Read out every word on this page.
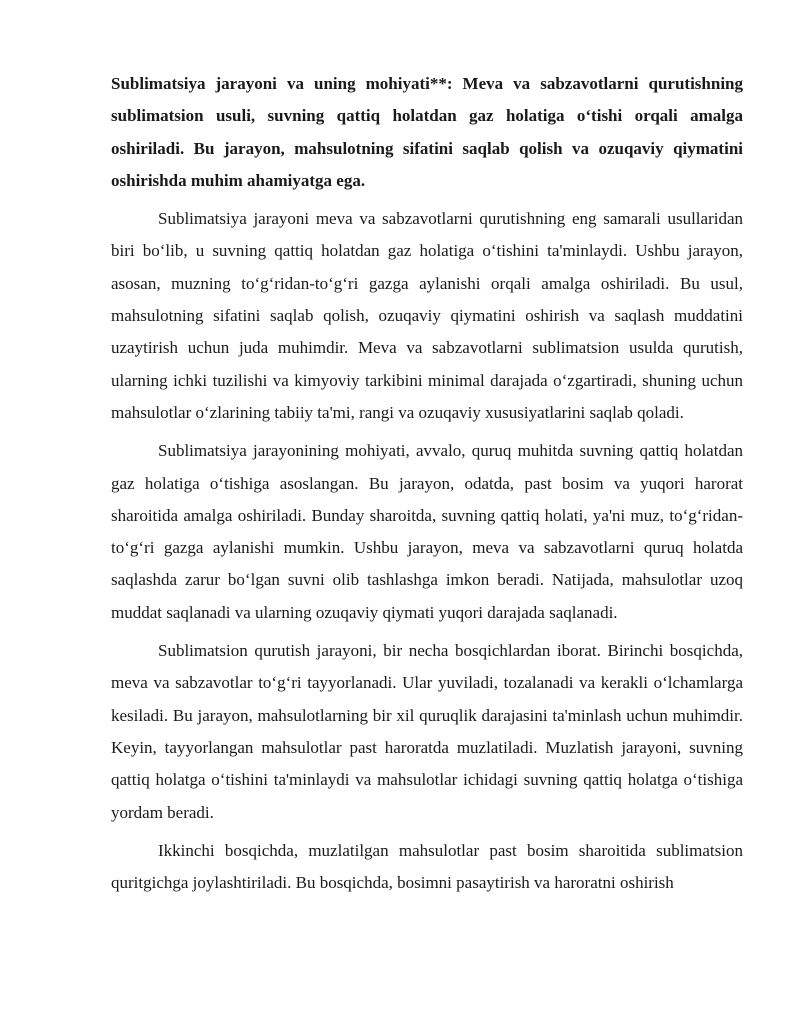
Sublimatsiya jarayoni va uning mohiyati**: Meva va sabzavotlarni qurutishning sublimatsion usuli, suvning qattiq holatdan gaz holatiga o‘tishi orqali amalga oshiriladi. Bu jarayon, mahsulotning sifatini saqlab qolish va ozuqaviy qiymatini oshirishda muhim ahamiyatga ega.

Sublimatsiya jarayoni meva va sabzavotlarni qurutishning eng samarali usullaridan biri bo‘lib, u suvning qattiq holatdan gaz holatiga o‘tishini ta'minlaydi. Ushbu jarayon, asosan, muzning to‘g‘ridan-to‘g‘ri gazga aylanishi orqali amalga oshiriladi. Bu usul, mahsulotning sifatini saqlab qolish, ozuqaviy qiymatini oshirish va saqlash muddatini uzaytirish uchun juda muhimdir. Meva va sabzavotlarni sublimatsion usulda qurutish, ularning ichki tuzilishi va kimyoviy tarkibini minimal darajada o‘zgartiradi, shuning uchun mahsulotlar o‘zlarining tabiiy ta'mi, rangi va ozuqaviy xususiyatlarini saqlab qoladi.

Sublimatsiya jarayonining mohiyati, avvalo, quruq muhitda suvning qattiq holatdan gaz holatiga o‘tishiga asoslangan. Bu jarayon, odatda, past bosim va yuqori harorat sharoitida amalga oshiriladi. Bunday sharoitda, suvning qattiq holati, ya'ni muz, to‘g‘ridan-to‘g‘ri gazga aylanishi mumkin. Ushbu jarayon, meva va sabzavotlarni quruq holatda saqlashda zarur bo‘lgan suvni olib tashlashga imkon beradi. Natijada, mahsulotlar uzoq muddat saqlanadi va ularning ozuqaviy qiymati yuqori darajada saqlanadi.

Sublimatsion qurutish jarayoni, bir necha bosqichlardan iborat. Birinchi bosqichda, meva va sabzavotlar to‘g‘ri tayyorlanadi. Ular yuviladi, tozalanadi va kerakli o‘lchamlarga kesiladi. Bu jarayon, mahsulotlarning bir xil quruqlik darajasini ta'minlash uchun muhimdir. Keyin, tayyorlangan mahsulotlar past haroratda muzlatiladi. Muzlatish jarayoni, suvning qattiq holatga o‘tishini ta'minlaydi va mahsulotlar ichidagi suvning qattiq holatga o‘tishiga yordam beradi.

Ikkinchi bosqichda, muzlatilgan mahsulotlar past bosim sharoitida sublimatsion quritgichga joylashtiriladi. Bu bosqichda, bosimni pasaytirish va haroratni oshirish
